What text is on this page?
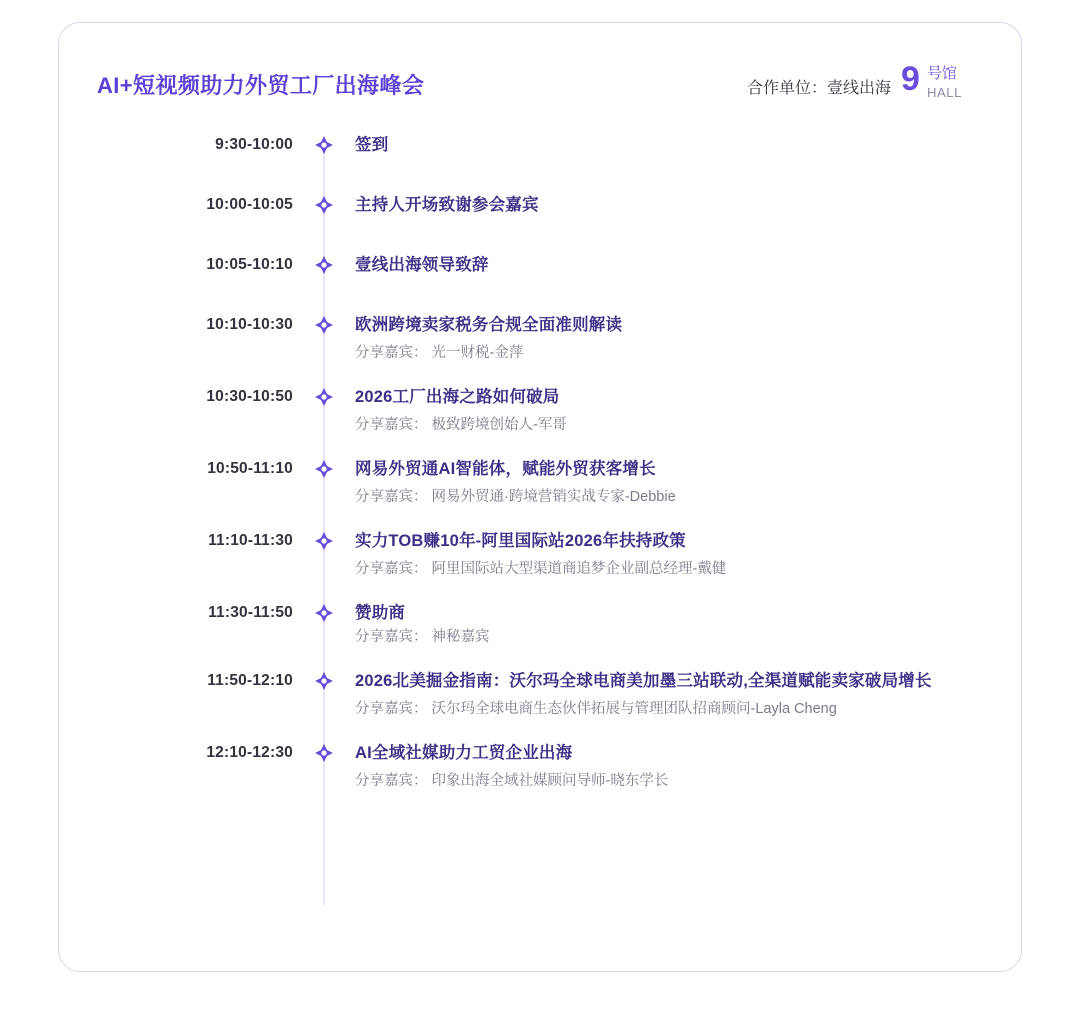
AI+短视频助力外贸工厂出海峰会	合作单位：壹线出海 9 号馆
HALL
9:30-10:00	签到
10:00-10:05	主持人开场致谢参会嘉宾
10:05-10:10	壹线出海领导致辞
10:10-10:30	欧洲跨境卖家税务合规全面准则解读
分享嘉宾： 光一财税-金萍
10:30-10:50	2026工厂出海之路如何破局
分享嘉宾： 极致跨境创始人-军哥
10:50-11:10	网易外贸通AI智能体，赋能外贸获客增长
分享嘉宾： 网易外贸通·跨境营销实战专家-Debbie
11:10-11:30	实力TOB赚10年-阿里国际站2026年扶持政策
分享嘉宾： 阿里国际站大型渠道商追梦企业副总经理-戴健
11:30-11:50	赞助商
分享嘉宾： 神秘嘉宾
11:50-12:10	2026北美掘金指南：沃尔玛全球电商美加墨三站联动,全渠道赋能卖家破局增长
分享嘉宾： 沃尔玛全球电商生态伙伴拓展与管理团队招商顾问-Layla Cheng
12:10-12:30	AI全域社媒助力工贸企业出海
分享嘉宾： 印象出海全域社媒顾问导师-晓东学长
